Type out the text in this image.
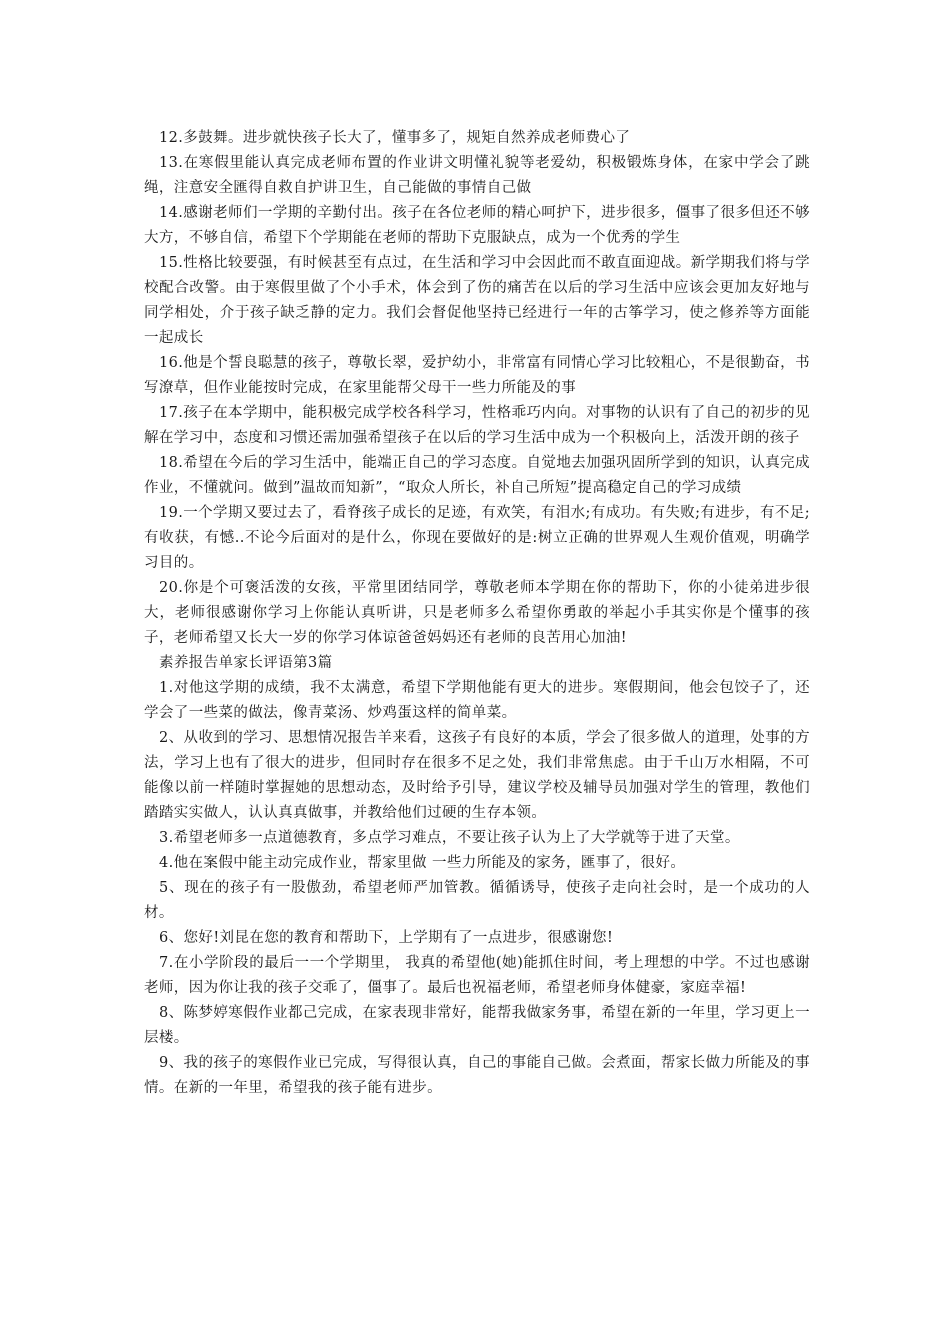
12.多鼓舞。进步就快孩子长大了，懂事多了，规矩自然养成老师费心了

13.在寒假里能认真完成老师布置的作业讲文明懂礼貌等老爱幼，积极锻炼身体，在家中学会了跳绳，注意安全匯得自救自护讲卫生，自己能做的事情自己做

14.感谢老师们一学期的辛勤付出。孩子在各位老师的精心呵护下，进步很多，僵事了很多但还不够大方，不够自信，希望下个学期能在老师的帮助下克服缺点，成为一个优秀的学生

15.性格比较要强，有时候甚至有点过，在生活和学习中会因此而不敢直面迎战。新学期我们将与学校配合改警。由于寒假里做了个小手术，体会到了伤的痛苦在以后的学习生活中应该会更加友好地与同学相处，介于孩子缺乏静的定力。我们会督促他坚持已经进行一年的古筝学习，使之修养等方面能一起成长

16.他是个誓良聪慧的孩子，尊敬长翠，爱护幼小，非常富有同情心学习比较粗心，不是很勤奋，书写潦草，但作业能按时完成，在家里能帮父母干一些力所能及的事

17.孩子在本学期中，能积极完成学校各科学习，性格乖巧内向。对事物的认识有了自己的初步的见解在学习中，态度和习惯还需加强希望孩子在以后的学习生活中成为一个积极向上，活泼开朗的孩子

18.希望在今后的学习生活中，能端正自己的学习态度。自觉地去加强巩固所学到的知识，认真完成作业，不懂就问。做到”温故而知新”，“取众人所长，补自己所短”提高稳定自己的学习成绩

19.一个学期又要过去了，看脊孩子成长的足迹，有欢笑，有泪水;有成功。有失败;有进步，有不足;有收获，有憾..不论今后面对的是什么，你现在要做好的是:树立正确的世界观人生观价值观，明确学习目的。

20.你是个可褒活泼的女孩，平常里团结同学，尊敬老师本学期在你的帮助下，你的小徒弟进步很大，老师很感谢你学习上你能认真听讲，只是老师多么希望你勇敢的举起小手其实你是个懂事的孩子，老师希望又长大一岁的你学习体谅爸爸妈妈还有老师的良苦用心加油!

素养报告单家长评语第3篇

1.对他这学期的成绩，我不太满意，希望下学期他能有更大的进步。寒假期间，他会包饺子了，还学会了一些菜的做法，像青菜汤、炒鸡蛋这样的简单菜。

2、从收到的学习、思想情况报告羊来看，这孩子有良好的本质，学会了很多做人的道理，处事的方法，学习上也有了很大的进步，但同时存在很多不足之处，我们非常焦虑。由于千山万水相隔，不可能像以前一样随时掌握她的思想动态，及时给予引导，建议学校及辅导员加强对学生的管理，教他们踏踏实实做人，认认真真做事，并教给他们过硬的生存本领。

3.希望老师多一点道德教育，多点学习难点，不要让孩子认为上了大学就等于进了天堂。

4.他在案假中能主动完成作业，帮家里做 一些力所能及的家务，匯事了，很好。

5、现在的孩子有一股傲劲，希望老师严加管教。循循诱导，使孩子走向社会时，是一个成功的人材。

6、您好!刘昆在您的教育和帮助下，上学期有了一点进步，很感谢您!

7.在小学阶段的最后一一个学期里， 我真的希望他(她)能抓住时间，考上理想的中学。不过也感谢老师，因为你让我的孩子交乖了，僵事了。最后也祝福老师，希望老师身体健豪，家庭幸福!

8、陈梦婷寒假作业都己完成，在家表现非常好，能帮我做家务事，希望在新的一年里，学习更上一层楼。

9、我的孩子的寒假作业已完成，写得很认真，自己的事能自己做。会煮面，帮家长做力所能及的事情。在新的一年里，希望我的孩子能有进步。
